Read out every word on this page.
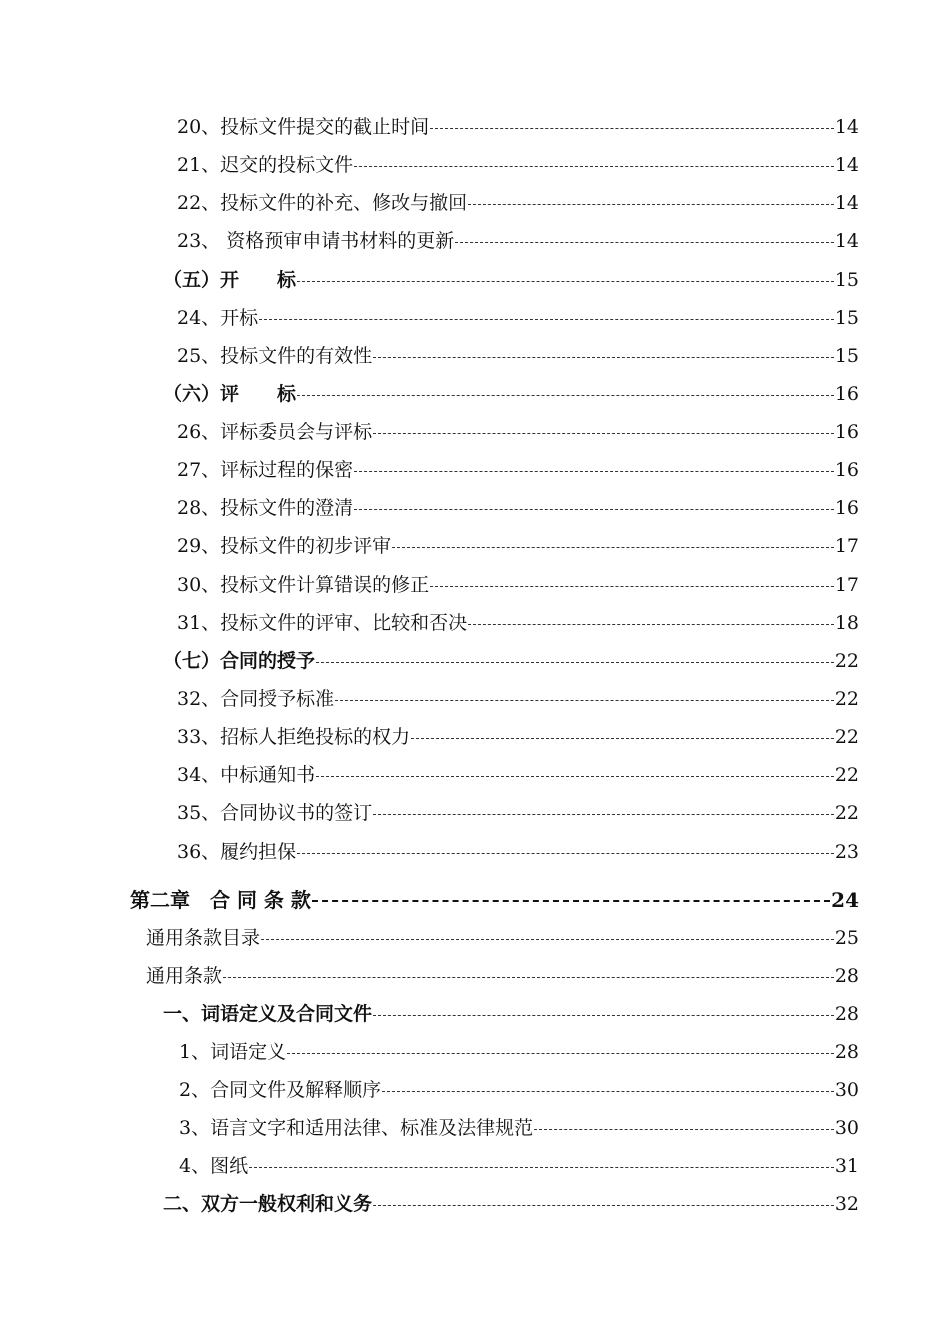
20、投标文件提交的截止时间	14
21、迟交的投标文件	14
22、投标文件的补充、修改与撤回	14
23、 资格预审申请书材料的更新	14
（五）开　　标	15
24、开标	15
25、投标文件的有效性	15
（六）评　　标	16
26、评标委员会与评标	16
27、评标过程的保密	16
28、投标文件的澄清	16
29、投标文件的初步评审	17
30、投标文件计算错误的修正	17
31、投标文件的评审、比较和否决	18
（七）合同的授予	22
32、合同授予标准	22
33、招标人拒绝投标的权力	22
34、中标通知书	22
35、合同协议书的签订	22
36、履约担保	23
第二章　合 同 条 款	24
通用条款目录	25
通用条款	28
一、词语定义及合同文件	28
1、词语定义	28
2、合同文件及解释顺序	30
3、语言文字和适用法律、标准及法律规范	30
4、图纸	31
二、双方一般权利和义务	32
